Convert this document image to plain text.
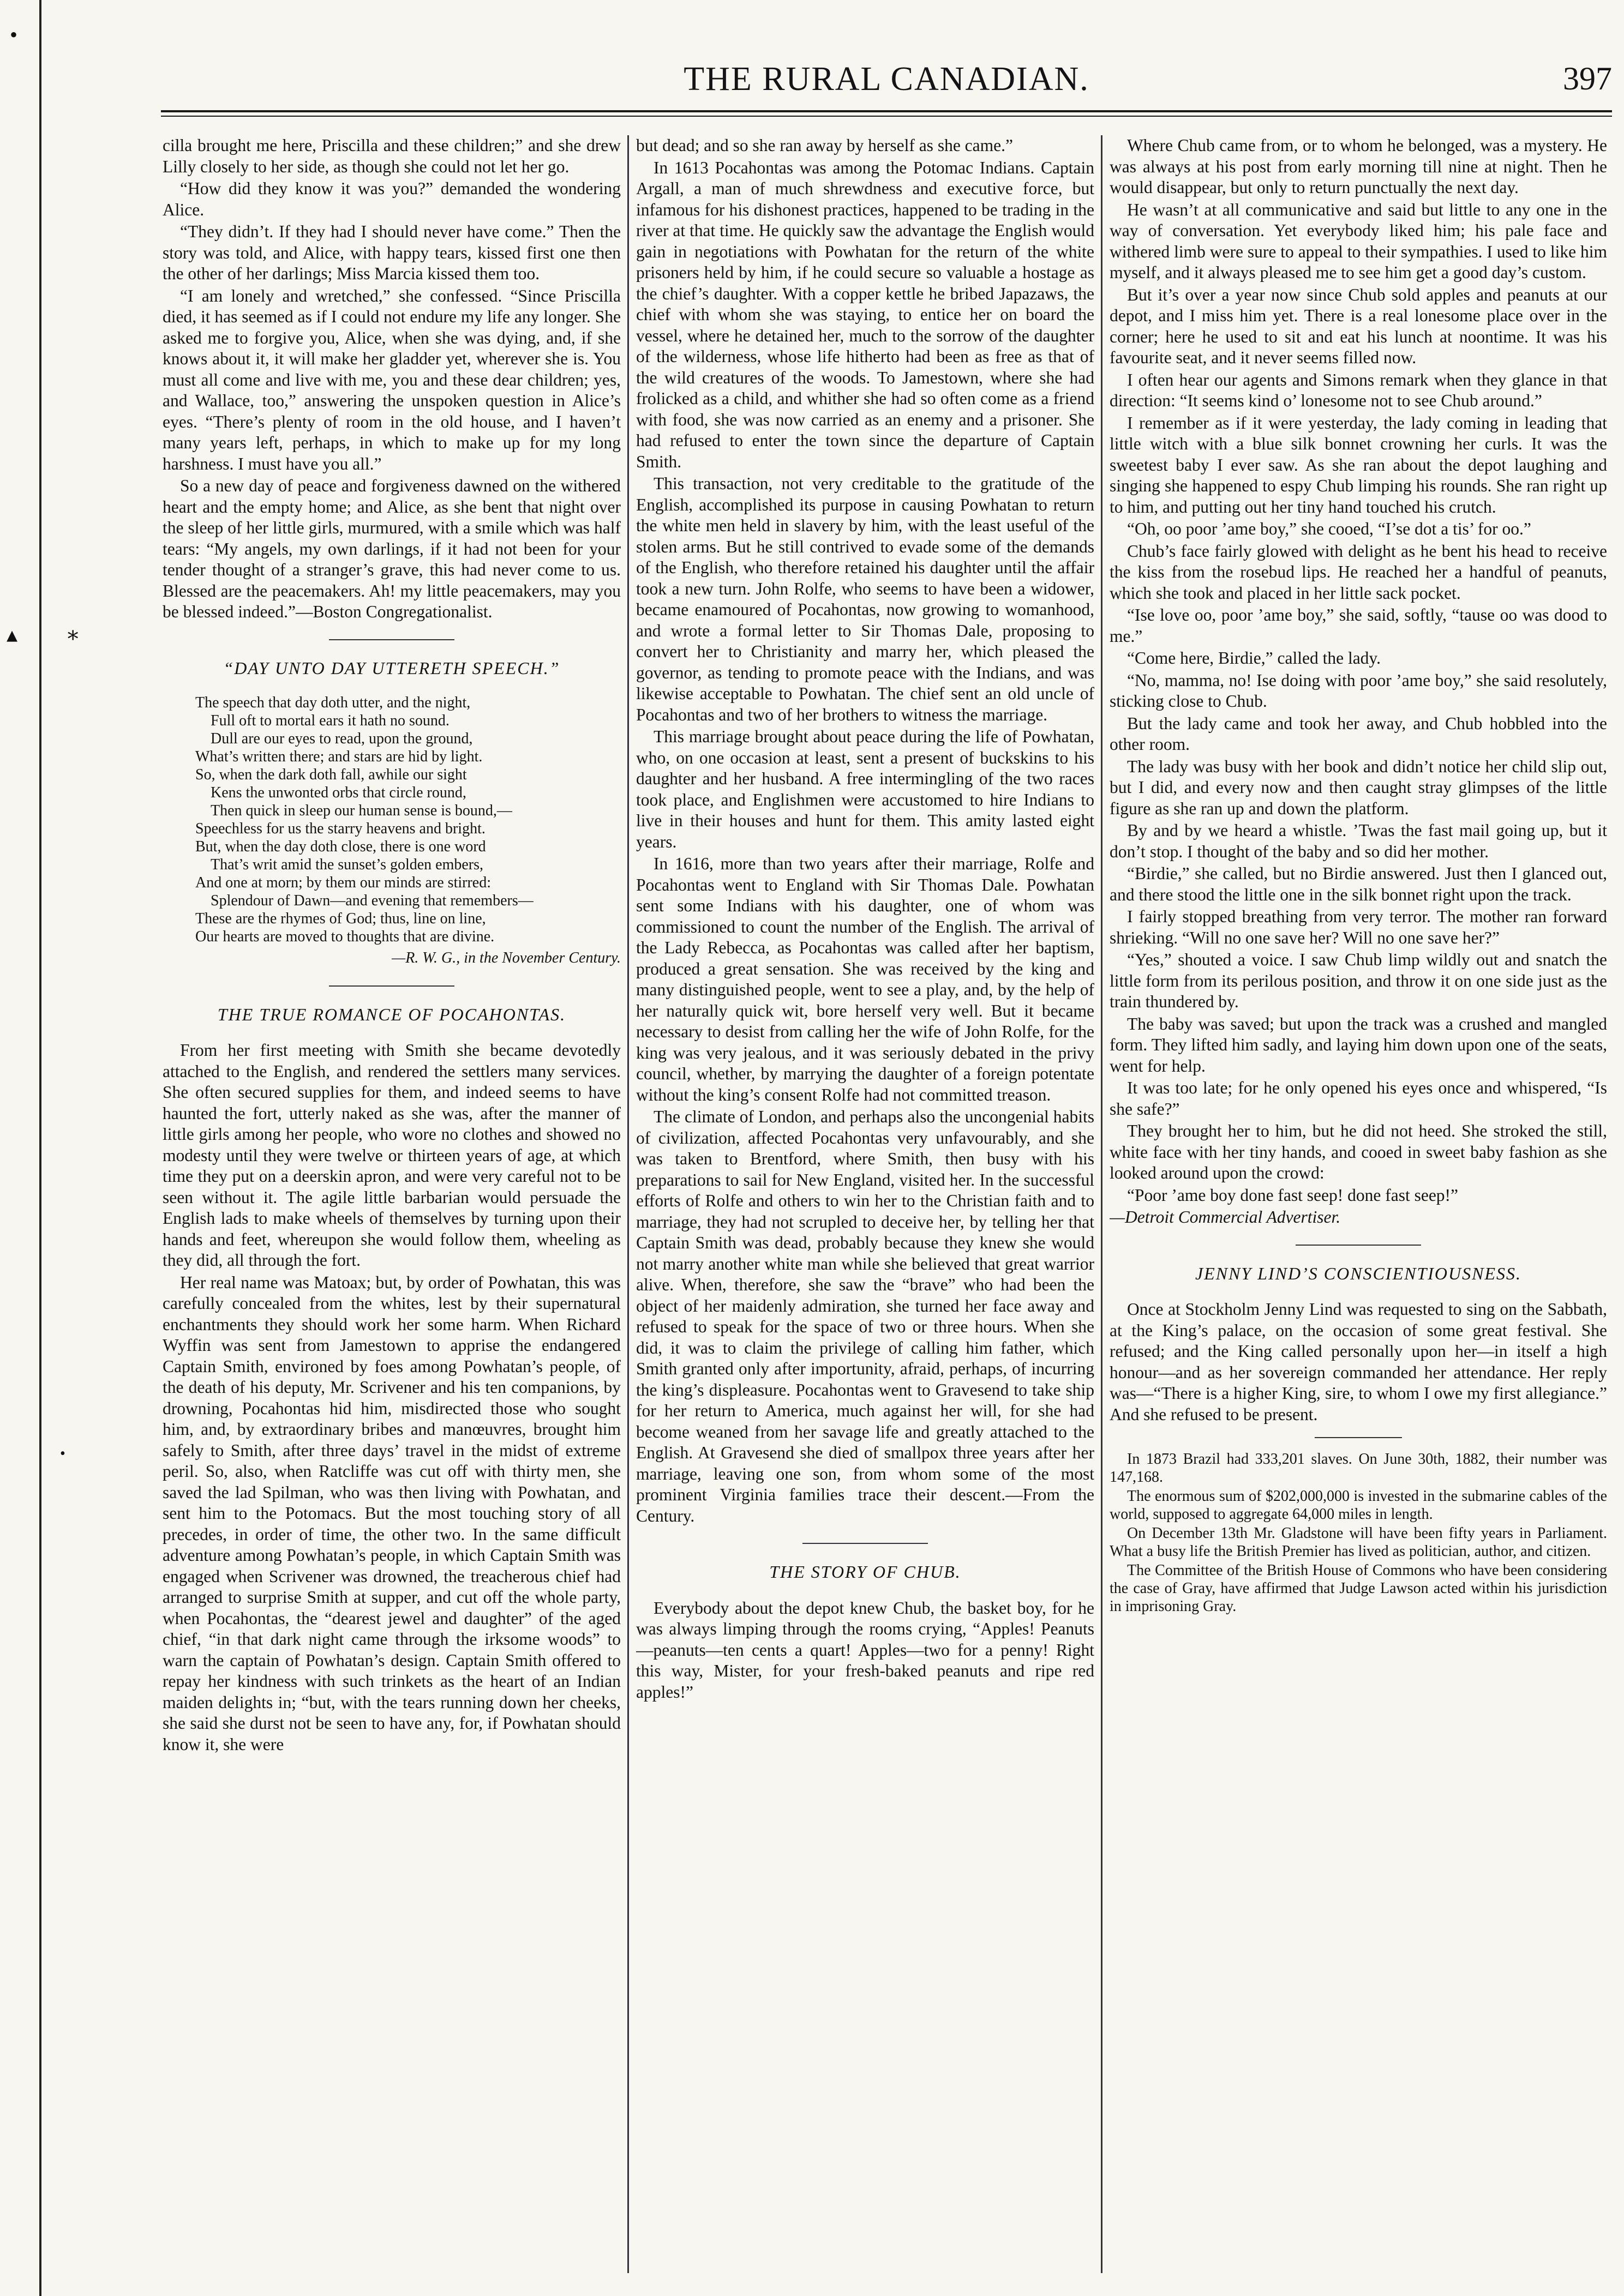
•
▴ ∗
•
THE RURAL CANADIAN.	397

cilla brought me here, Priscilla and these children;” and she drew Lilly closely to her side, as though she could not let her go.

“How did they know it was you?” demanded the wondering Alice.

“They didn’t. If they had I should never have come.” Then the story was told, and Alice, with happy tears, kissed first one then the other of her darlings; Miss Marcia kissed them too.

“I am lonely and wretched,” she confessed. “Since Priscilla died, it has seemed as if I could not endure my life any longer. She asked me to forgive you, Alice, when she was dying, and, if she knows about it, it will make her gladder yet, wherever she is. You must all come and live with me, you and these dear children; yes, and Wallace, too,” answering the unspoken question in Alice’s eyes. “There’s plenty of room in the old house, and I haven’t many years left, perhaps, in which to make up for my long harshness. I must have you all.”

So a new day of peace and forgiveness dawned on the withered heart and the empty home; and Alice, as she bent that night over the sleep of her little girls, murmured, with a smile which was half tears: “My angels, my own darlings, if it had not been for your tender thought of a stranger’s grave, this had never come to us. Blessed are the peacemakers. Ah! my little peacemakers, may you be blessed indeed.”—Boston Congregationalist.

“DAY UNTO DAY UTTERETH SPEECH.”
The speech that day doth utter, and the night,
Full oft to mortal ears it hath no sound.
Dull are our eyes to read, upon the ground,
What’s written there; and stars are hid by light.
So, when the dark doth fall, awhile our sight
Kens the unwonted orbs that circle round,
Then quick in sleep our human sense is bound,—
Speechless for us the starry heavens and bright.
But, when the day doth close, there is one word
That’s writ amid the sunset’s golden embers,
And one at morn; by them our minds are stirred:
Splendour of Dawn—and evening that remembers—
These are the rhymes of God; thus, line on line,
Our hearts are moved to thoughts that are divine.
—R. W. G., in the November Century.
THE TRUE ROMANCE OF POCAHONTAS.

From her first meeting with Smith she became devotedly attached to the English, and rendered the settlers many services. She often secured supplies for them, and indeed seems to have haunted the fort, utterly naked as she was, after the manner of little girls among her people, who wore no clothes and showed no modesty until they were twelve or thirteen years of age, at which time they put on a deerskin apron, and were very careful not to be seen without it. The agile little barbarian would persuade the English lads to make wheels of themselves by turning upon their hands and feet, whereupon she would follow them, wheeling as they did, all through the fort.

Her real name was Matoax; but, by order of Powhatan, this was carefully concealed from the whites, lest by their supernatural enchantments they should work her some harm. When Richard Wyffin was sent from Jamestown to apprise the endangered Captain Smith, environed by foes among Powhatan’s people, of the death of his deputy, Mr. Scrivener and his ten companions, by drowning, Pocahontas hid him, misdirected those who sought him, and, by extraordinary bribes and manœuvres, brought him safely to Smith, after three days’ travel in the midst of extreme peril. So, also, when Ratcliffe was cut off with thirty men, she saved the lad Spilman, who was then living with Powhatan, and sent him to the Potomacs. But the most touching story of all precedes, in order of time, the other two. In the same difficult adventure among Powhatan’s people, in which Captain Smith was engaged when Scrivener was drowned, the treacherous chief had arranged to surprise Smith at supper, and cut off the whole party, when Pocahontas, the “dearest jewel and daughter” of the aged chief, “in that dark night came through the irksome woods” to warn the captain of Powhatan’s design. Captain Smith offered to repay her kindness with such trinkets as the heart of an Indian maiden delights in; “but, with the tears running down her cheeks, she said she durst not be seen to have any, for, if Powhatan should know it, she were

but dead; and so she ran away by herself as she came.”

In 1613 Pocahontas was among the Potomac Indians. Captain Argall, a man of much shrewdness and executive force, but infamous for his dishonest practices, happened to be trading in the river at that time. He quickly saw the advantage the English would gain in negotiations with Powhatan for the return of the white prisoners held by him, if he could secure so valuable a hostage as the chief’s daughter. With a copper kettle he bribed Japazaws, the chief with whom she was staying, to entice her on board the vessel, where he detained her, much to the sorrow of the daughter of the wilderness, whose life hitherto had been as free as that of the wild creatures of the woods. To Jamestown, where she had frolicked as a child, and whither she had so often come as a friend with food, she was now carried as an enemy and a prisoner. She had refused to enter the town since the departure of Captain Smith.

This transaction, not very creditable to the gratitude of the English, accomplished its purpose in causing Powhatan to return the white men held in slavery by him, with the least useful of the stolen arms. But he still contrived to evade some of the demands of the English, who therefore retained his daughter until the affair took a new turn. John Rolfe, who seems to have been a widower, became enamoured of Pocahontas, now growing to womanhood, and wrote a formal letter to Sir Thomas Dale, proposing to convert her to Christianity and marry her, which pleased the governor, as tending to promote peace with the Indians, and was likewise acceptable to Powhatan. The chief sent an old uncle of Pocahontas and two of her brothers to witness the marriage.

This marriage brought about peace during the life of Powhatan, who, on one occasion at least, sent a present of buckskins to his daughter and her husband. A free intermingling of the two races took place, and Englishmen were accustomed to hire Indians to live in their houses and hunt for them. This amity lasted eight years.

In 1616, more than two years after their marriage, Rolfe and Pocahontas went to England with Sir Thomas Dale. Powhatan sent some Indians with his daughter, one of whom was commissioned to count the number of the English. The arrival of the Lady Rebecca, as Pocahontas was called after her baptism, produced a great sensation. She was received by the king and many distinguished people, went to see a play, and, by the help of her naturally quick wit, bore herself very well. But it became necessary to desist from calling her the wife of John Rolfe, for the king was very jealous, and it was seriously debated in the privy council, whether, by marrying the daughter of a foreign potentate without the king’s consent Rolfe had not committed treason.

The climate of London, and perhaps also the uncongenial habits of civilization, affected Pocahontas very unfavourably, and she was taken to Brentford, where Smith, then busy with his preparations to sail for New England, visited her. In the successful efforts of Rolfe and others to win her to the Christian faith and to marriage, they had not scrupled to deceive her, by telling her that Captain Smith was dead, probably because they knew she would not marry another white man while she believed that great warrior alive. When, therefore, she saw the “brave” who had been the object of her maidenly admiration, she turned her face away and refused to speak for the space of two or three hours. When she did, it was to claim the privilege of calling him father, which Smith granted only after importunity, afraid, perhaps, of incurring the king’s displeasure. Pocahontas went to Gravesend to take ship for her return to America, much against her will, for she had become weaned from her savage life and greatly attached to the English. At Gravesend she died of smallpox three years after her marriage, leaving one son, from whom some of the most prominent Virginia families trace their descent.—From the Century.

THE STORY OF CHUB.

Everybody about the depot knew Chub, the basket boy, for he was always limping through the rooms crying, “Apples! Peanuts—peanuts—ten cents a quart! Apples—two for a penny! Right this way, Mister, for your fresh-baked peanuts and ripe red apples!”

Where Chub came from, or to whom he belonged, was a mystery. He was always at his post from early morning till nine at night. Then he would disappear, but only to return punctually the next day.

He wasn’t at all communicative and said but little to any one in the way of conversation. Yet everybody liked him; his pale face and withered limb were sure to appeal to their sympathies. I used to like him myself, and it always pleased me to see him get a good day’s custom.

But it’s over a year now since Chub sold apples and peanuts at our depot, and I miss him yet. There is a real lonesome place over in the corner; here he used to sit and eat his lunch at noontime. It was his favourite seat, and it never seems filled now.

I often hear our agents and Simons remark when they glance in that direction: “It seems kind o’ lonesome not to see Chub around.”

I remember as if it were yesterday, the lady coming in leading that little witch with a blue silk bonnet crowning her curls. It was the sweetest baby I ever saw. As she ran about the depot laughing and singing she happened to espy Chub limping his rounds. She ran right up to him, and putting out her tiny hand touched his crutch.

“Oh, oo poor ’ame boy,” she cooed, “I’se dot a tis’ for oo.”

Chub’s face fairly glowed with delight as he bent his head to receive the kiss from the rosebud lips. He reached her a handful of peanuts, which she took and placed in her little sack pocket.

“Ise love oo, poor ’ame boy,” she said, softly, “tause oo was dood to me.”

“Come here, Birdie,” called the lady.

“No, mamma, no! Ise doing with poor ’ame boy,” she said resolutely, sticking close to Chub.

But the lady came and took her away, and Chub hobbled into the other room.

The lady was busy with her book and didn’t notice her child slip out, but I did, and every now and then caught stray glimpses of the little figure as she ran up and down the platform.

By and by we heard a whistle. ’Twas the fast mail going up, but it don’t stop. I thought of the baby and so did her mother.

“Birdie,” she called, but no Birdie answered. Just then I glanced out, and there stood the little one in the silk bonnet right upon the track.

I fairly stopped breathing from very terror. The mother ran forward shrieking. “Will no one save her? Will no one save her?”

“Yes,” shouted a voice. I saw Chub limp wildly out and snatch the little form from its perilous position, and throw it on one side just as the train thundered by.

The baby was saved; but upon the track was a crushed and mangled form. They lifted him sadly, and laying him down upon one of the seats, went for help.

It was too late; for he only opened his eyes once and whispered, “Is she safe?”

They brought her to him, but he did not heed. She stroked the still, white face with her tiny hands, and cooed in sweet baby fashion as she looked around upon the crowd:

“Poor ’ame boy done fast seep! done fast seep!”

—Detroit Commercial Advertiser.

JENNY LIND’S CONSCIENTIOUSNESS.

Once at Stockholm Jenny Lind was requested to sing on the Sabbath, at the King’s palace, on the occasion of some great festival. She refused; and the King called personally upon her—in itself a high honour—and as her sovereign commanded her attendance. Her reply was—“There is a higher King, sire, to whom I owe my first allegiance.” And she refused to be present.

In 1873 Brazil had 333,201 slaves. On June 30th, 1882, their number was 147,168.

The enormous sum of $202,000,000 is invested in the submarine cables of the world, supposed to aggregate 64,000 miles in length.

On December 13th Mr. Gladstone will have been fifty years in Parliament. What a busy life the British Premier has lived as politician, author, and citizen.

The Committee of the British House of Commons who have been considering the case of Gray, have affirmed that Judge Lawson acted within his jurisdiction in imprisoning Gray.
